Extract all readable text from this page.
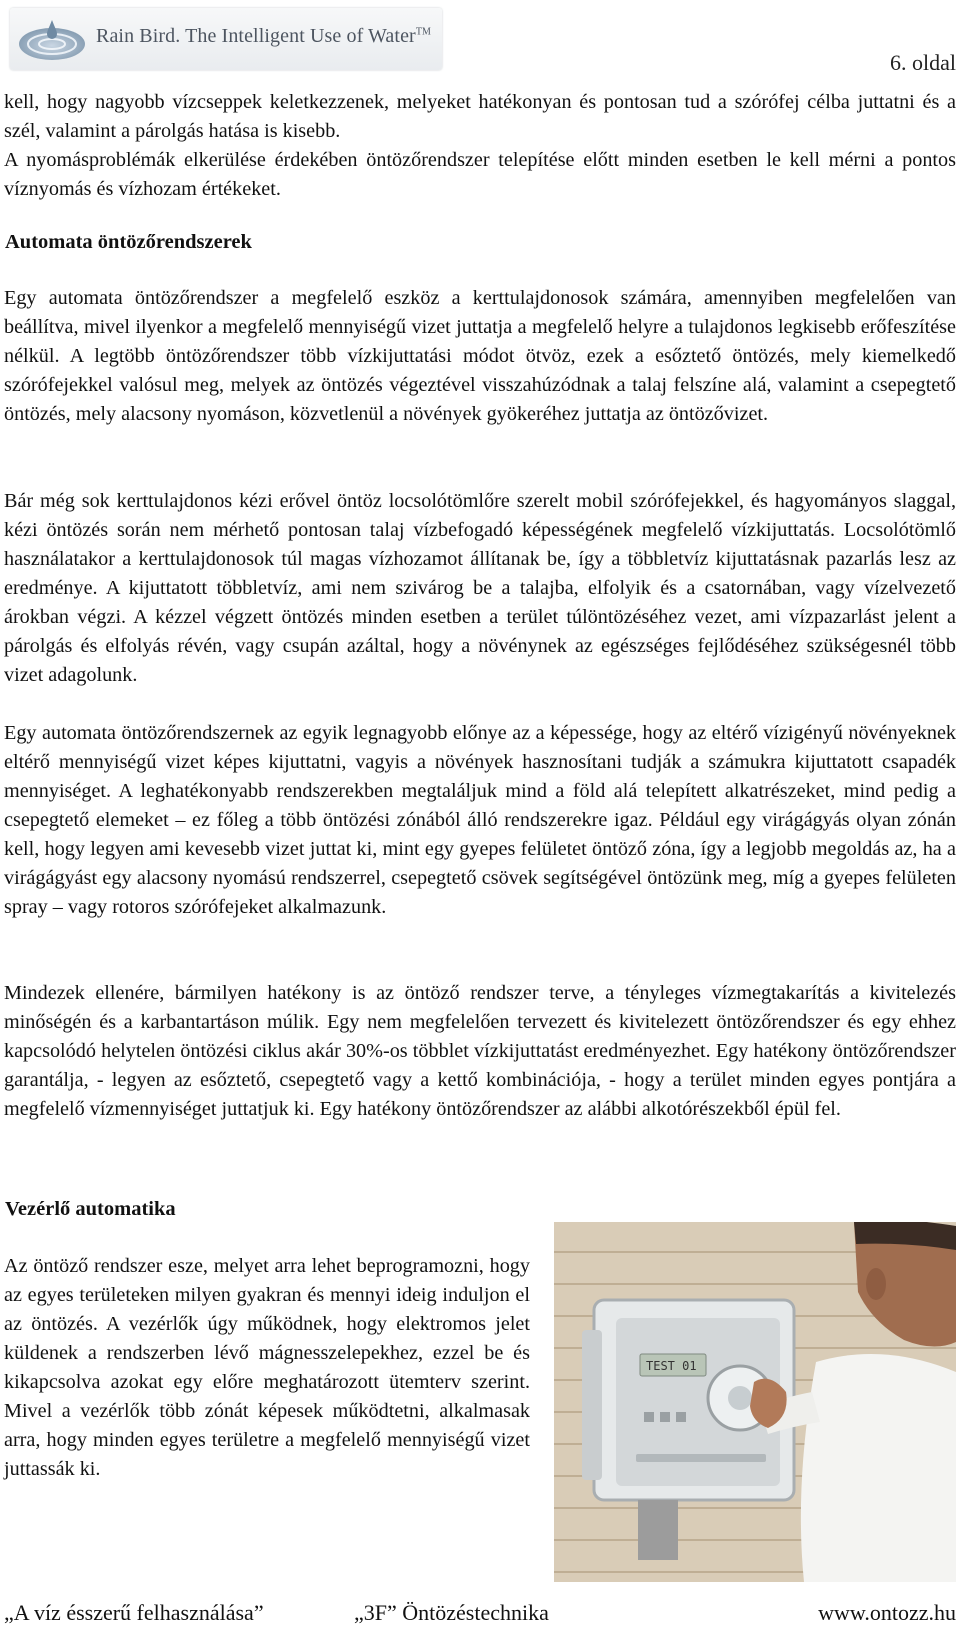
Rain Bird. The Intelligent Use of Water™
6. oldal

kell, hogy nagyobb vízcseppek keletkezzenek, melyeket hatékonyan és pontosan tud a szórófej célba juttatni és a szél, valamint a párolgás hatása is kisebb.
A nyomásproblémák elkerülése érdekében öntözőrendszer telepítése előtt minden esetben le kell mérni a pontos víznyomás és vízhozam értékeket.

Automata öntözőrendszerek

Egy automata öntözőrendszer a megfelelő eszköz a kerttulajdonosok számára, amennyiben megfelelően van beállítva, mivel ilyenkor a megfelelő mennyiségű vizet juttatja a megfelelő helyre a tulajdonos legkisebb erőfeszítése nélkül. A legtöbb öntözőrendszer több vízkijuttatási módot ötvöz, ezek a esőztető öntözés, mely kiemelkedő szórófejekkel valósul meg, melyek az öntözés végeztével visszahúzódnak a talaj felszíne alá, valamint a csepegtető öntözés, mely alacsony nyomáson, közvetlenül a növények gyökeréhez juttatja az öntözővizet.

Bár még sok kerttulajdonos kézi erővel öntöz locsolótömlőre szerelt mobil szórófejekkel, és hagyományos slaggal, kézi öntözés során nem mérhető pontosan talaj vízbefogadó képességének megfelelő vízkijuttatás. Locsolótömlő használatakor a kerttulajdonosok túl magas vízhozamot állítanak be, így a többletvíz kijuttatásnak pazarlás lesz az eredménye. A kijuttatott többletvíz, ami nem szivárog be a talajba, elfolyik és a csatornában, vagy vízelvezető árokban végzi. A kézzel végzett öntözés minden esetben a terület túlöntözéséhez vezet, ami vízpazarlást jelent a párolgás és elfolyás révén, vagy csupán azáltal, hogy a növénynek az egészséges fejlődéséhez szükségesnél több vizet adagolunk.

Egy automata öntözőrendszernek az egyik legnagyobb előnye az a képessége, hogy az eltérő vízigényű növényeknek eltérő mennyiségű vizet képes kijuttatni, vagyis a növények hasznosítani tudják a számukra kijuttatott csapadék mennyiséget. A leghatékonyabb rendszerekben megtaláljuk mind a föld alá telepített alkatrészeket, mind pedig a csepegtető elemeket – ez főleg a több öntözési zónából álló rendszerekre igaz. Például egy virágágyás olyan zónán kell, hogy legyen ami kevesebb vizet juttat ki, mint egy gyepes felületet öntöző zóna, így a legjobb megoldás az, ha a virágágyást egy alacsony nyomású rendszerrel, csepegtető csövek segítségével öntözünk meg, míg a gyepes felületen spray – vagy rotoros szórófejeket alkalmazunk.

Mindezek ellenére, bármilyen hatékony is az öntöző rendszer terve, a tényleges vízmegtakarítás a kivitelezés minőségén és a karbantartáson múlik. Egy nem megfelelően tervezett és kivitelezett öntözőrendszer és egy ehhez kapcsolódó helytelen öntözési ciklus akár 30%-os többlet vízkijuttatást eredményezhet. Egy hatékony öntözőrendszer garantálja, - legyen az esőztető, csepegtető vagy a kettő kombinációja, - hogy a terület minden egyes pontjára a megfelelő vízmennyiséget juttatjuk ki. Egy hatékony öntözőrendszer az alábbi alkotórészekből épül fel.

Vezérlő automatika

Az öntöző rendszer esze, melyet arra lehet beprogramozni, hogy az egyes területeken milyen gyakran és mennyi ideig induljon el az öntözés. A vezérlők úgy működnek, hogy elektromos jelet küldenek a rendszerben lévő mágnesszelepekhez, ezzel be és kikapcsolva azokat egy előre meghatározott ütemterv szerint. Mivel a vezérlők több zónát képesek működtetni, alkalmasak arra, hogy minden egyes területre a megfelelő mennyiségű vizet juttassák ki.

TEST 01
„A víz ésszerű felhasználása”	„3F” Öntözéstechnika	www.ontozz.hu
